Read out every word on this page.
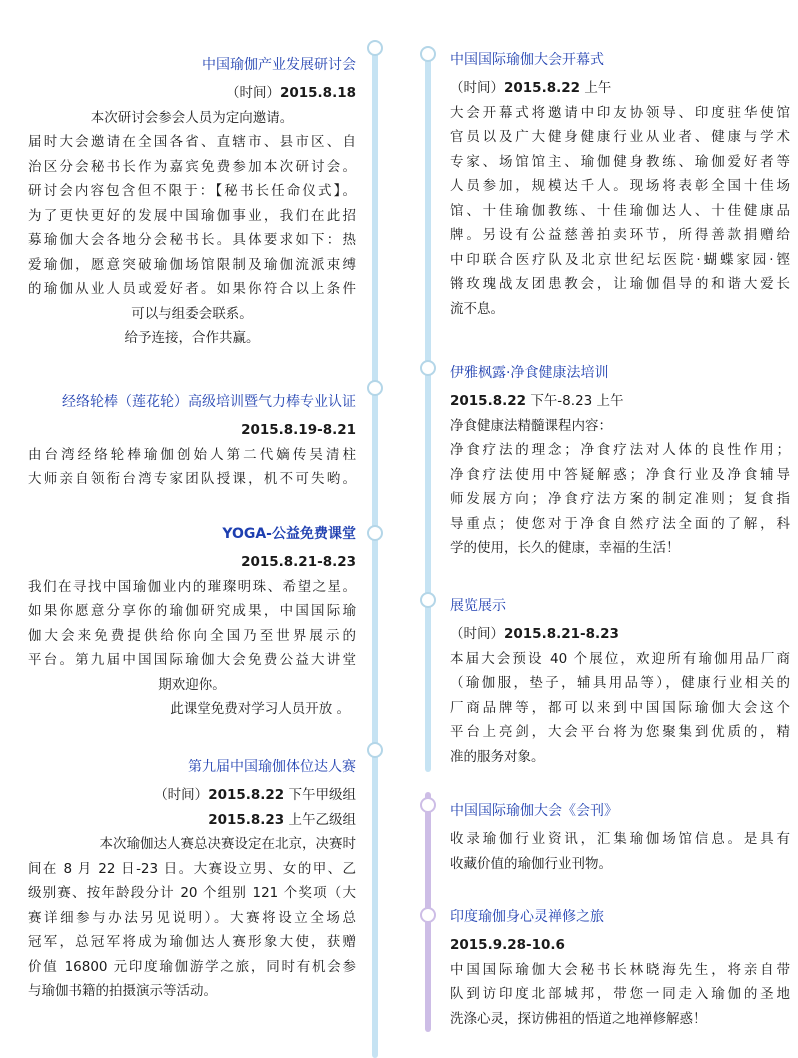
中国瑜伽产业发展研讨会

（时间）2015.8.18

本次研讨会参会人员为定向邀请。

届时大会邀请在全国各省、直辖市、县市区、自

治区分会秘书长作为嘉宾免费参加本次研讨会。

研讨会内容包含但不限于：【秘书长任命仪式】。

为了更快更好的发展中国瑜伽事业，我们在此招

募瑜伽大会各地分会秘书长。具体要求如下：热

爱瑜伽，愿意突破瑜伽场馆限制及瑜伽流派束缚

的瑜伽从业人员或爱好者。如果你符合以上条件

可以与组委会联系。

给予连接，合作共赢。

经络轮棒（莲花轮）高级培训暨气力棒专业认证

2015.8.19-8.21

由台湾经络轮棒瑜伽创始人第二代嫡传吴清柱

大师亲自领衔台湾专家团队授课，机不可失哟。

YOGA-公益免费课堂

2015.8.21-8.23

我们在寻找中国瑜伽业内的璀璨明珠、希望之星。

如果你愿意分享你的瑜伽研究成果，中国国际瑜

伽大会来免费提供给你向全国乃至世界展示的

平台。第九届中国国际瑜伽大会免费公益大讲堂

期欢迎你。

此课堂免费对学习人员开放 。

第九届中国瑜伽体位达人赛

（时间）2015.8.22 下午甲级组

2015.8.23 上午乙级组

本次瑜伽达人赛总决赛设定在北京，决赛时

间在 8 月 22 日-23 日。大赛设立男、女的甲、乙

级别赛、按年龄段分计 20 个组别 121 个奖项（大

赛详细参与办法另见说明）。大赛将设立全场总

冠军，总冠军将成为瑜伽达人赛形象大使，获赠

价值 16800 元印度瑜伽游学之旅，同时有机会参

与瑜伽书籍的拍摄演示等活动。

中国国际瑜伽大会开幕式

（时间）2015.8.22 上午

大会开幕式将邀请中印友协领导、印度驻华使馆

官员以及广大健身健康行业从业者、健康与学术

专家、场馆馆主、瑜伽健身教练、瑜伽爱好者等

人员参加，规模达千人。现场将表彰全国十佳场

馆、十佳瑜伽教练、十佳瑜伽达人、十佳健康品

牌。另设有公益慈善拍卖环节，所得善款捐赠给

中印联合医疗队及北京世纪坛医院·蝴蝶家园·铿

锵玫瑰战友团患教会，让瑜伽倡导的和谐大爱长

流不息。

伊雅枫露·净食健康法培训

2015.8.22 下午-8.23 上午

净食健康法精髓课程内容：

净食疗法的理念；净食疗法对人体的良性作用；

净食疗法使用中答疑解惑；净食行业及净食辅导

师发展方向；净食疗法方案的制定准则；复食指

导重点；使您对于净食自然疗法全面的了解，科

学的使用，长久的健康，幸福的生活！

展览展示

（时间）2015.8.21-8.23

本届大会预设 40 个展位，欢迎所有瑜伽用品厂商

（瑜伽服，垫子，辅具用品等），健康行业相关的

厂商品牌等，都可以来到中国国际瑜伽大会这个

平台上亮剑，大会平台将为您聚集到优质的，精

准的服务对象。

中国国际瑜伽大会《会刊》

收录瑜伽行业资讯，汇集瑜伽场馆信息。是具有

收藏价值的瑜伽行业刊物。

印度瑜伽身心灵禅修之旅

2015.9.28-10.6

中国国际瑜伽大会秘书长林晓海先生，将亲自带

队到访印度北部城邦，带您一同走入瑜伽的圣地

洗涤心灵，探访佛祖的悟道之地禅修解惑！
